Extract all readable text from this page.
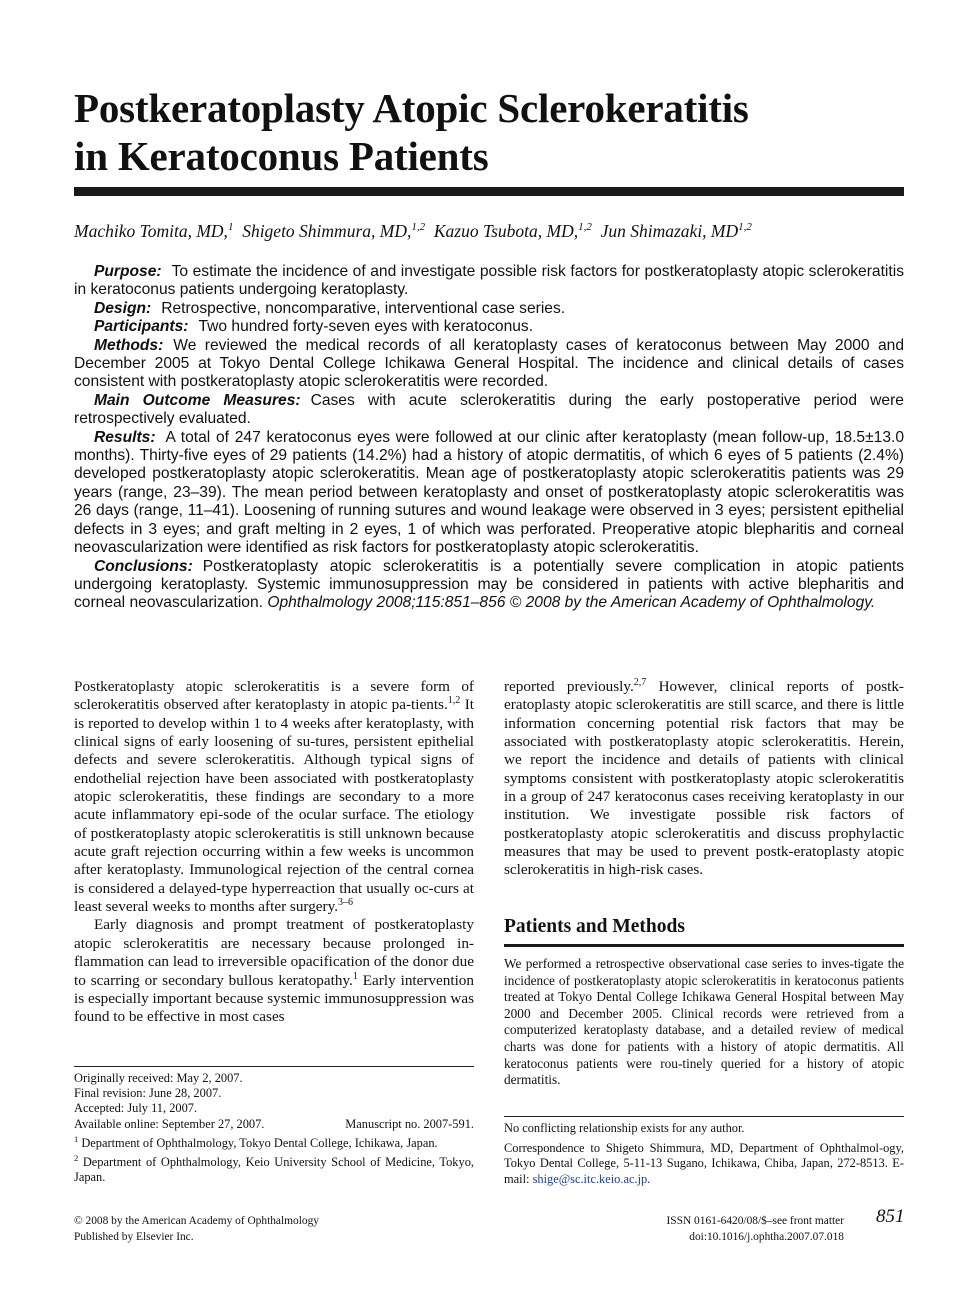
Postkeratoplasty Atopic Sclerokeratitis
in Keratoconus Patients
Machiko Tomita, MD,$^1$ Shigeto Shimmura, MD,$^{1,2}$ Kazuo Tsubota, MD,$^{1,2}$ Jun Shimazaki, MD$^{1,2}$

Purpose: To estimate the incidence of and investigate possible risk factors for postkeratoplasty atopic sclerokeratitis in keratoconus patients undergoing keratoplasty.

Design: Retrospective, noncomparative, interventional case series.

Participants: Two hundred forty-seven eyes with keratoconus.

Methods: We reviewed the medical records of all keratoplasty cases of keratoconus between May 2000 and December 2005 at Tokyo Dental College Ichikawa General Hospital. The incidence and clinical details of cases consistent with postkeratoplasty atopic sclerokeratitis were recorded.

Main Outcome Measures: Cases with acute sclerokeratitis during the early postoperative period were retrospectively evaluated.

Results: A total of 247 keratoconus eyes were followed at our clinic after keratoplasty (mean follow-up, 18.5±13.0 months). Thirty-five eyes of 29 patients (14.2%) had a history of atopic dermatitis, of which 6 eyes of 5 patients (2.4%) developed postkeratoplasty atopic sclerokeratitis. Mean age of postkeratoplasty atopic sclerokeratitis patients was 29 years (range, 23–39). The mean period between keratoplasty and onset of postkeratoplasty atopic sclerokeratitis was 26 days (range, 11–41). Loosening of running sutures and wound leakage were observed in 3 eyes; persistent epithelial defects in 3 eyes; and graft melting in 2 eyes, 1 of which was perforated. Preoperative atopic blepharitis and corneal neovascularization were identified as risk factors for postkeratoplasty atopic sclerokeratitis.

Conclusions: Postkeratoplasty atopic sclerokeratitis is a potentially severe complication in atopic patients undergoing keratoplasty. Systemic immunosuppression may be considered in patients with active blepharitis and corneal neovascularization. Ophthalmology 2008;115:851–856 © 2008 by the American Academy of Ophthalmology.

Postkeratoplasty atopic sclerokeratitis is a severe form of sclerokeratitis observed after keratoplasty in atopic pa-tients.$^{1,2}$ It is reported to develop within 1 to 4 weeks after keratoplasty, with clinical signs of early loosening of su-tures, persistent epithelial defects and severe sclerokeratitis. Although typical signs of endothelial rejection have been associated with postkeratoplasty atopic sclerokeratitis, these findings are secondary to a more acute inflammatory epi-sode of the ocular surface. The etiology of postkeratoplasty atopic sclerokeratitis is still unknown because acute graft rejection occurring within a few weeks is uncommon after keratoplasty. Immunological rejection of the central cornea is considered a delayed-type hyperreaction that usually oc-curs at least several weeks to months after surgery.$^{3-6}$

Early diagnosis and prompt treatment of postkeratoplasty atopic sclerokeratitis are necessary because prolonged in-flammation can lead to irreversible opacification of the donor due to scarring or secondary bullous keratopathy.$^1$ Early intervention is especially important because systemic immunosuppression was found to be effective in most cases

reported previously.$^{2,7}$ However, clinical reports of postk-eratoplasty atopic sclerokeratitis are still scarce, and there is little information concerning potential risk factors that may be associated with postkeratoplasty atopic sclerokeratitis. Herein, we report the incidence and details of patients with clinical symptoms consistent with postkeratoplasty atopic sclerokeratitis in a group of 247 keratoconus cases receiving keratoplasty in our institution. We investigate possible risk factors of postkeratoplasty atopic sclerokeratitis and discuss prophylactic measures that may be used to prevent postk-eratoplasty atopic sclerokeratitis in high-risk cases.

Patients and Methods

We performed a retrospective observational case series to inves-tigate the incidence of postkeratoplasty atopic sclerokeratitis in keratoconus patients treated at Tokyo Dental College Ichikawa General Hospital between May 2000 and December 2005. Clinical records were retrieved from a computerized keratoplasty database, and a detailed review of medical charts was done for patients with a history of atopic dermatitis. All keratoconus patients were rou-tinely queried for a history of atopic dermatitis.

Originally received: May 2, 2007.
Final revision: June 28, 2007.
Accepted: July 11, 2007.
Available online: September 27, 2007.	Manuscript no. 2007-591.
$^1$ Department of Ophthalmology, Tokyo Dental College, Ichikawa, Japan.
$^2$ Department of Ophthalmology, Keio University School of Medicine, Tokyo, Japan.

No conflicting relationship exists for any author.

Correspondence to Shigeto Shimmura, MD, Department of Ophthalmol-ogy, Tokyo Dental College, 5-11-13 Sugano, Ichikawa, Chiba, Japan, 272-8513. E-mail: shige@sc.itc.keio.ac.jp.

© 2008 by the American Academy of Ophthalmology
Published by Elsevier Inc.
ISSN 0161-6420/08/$–see front matter
doi:10.1016/j.ophtha.2007.07.018
851
